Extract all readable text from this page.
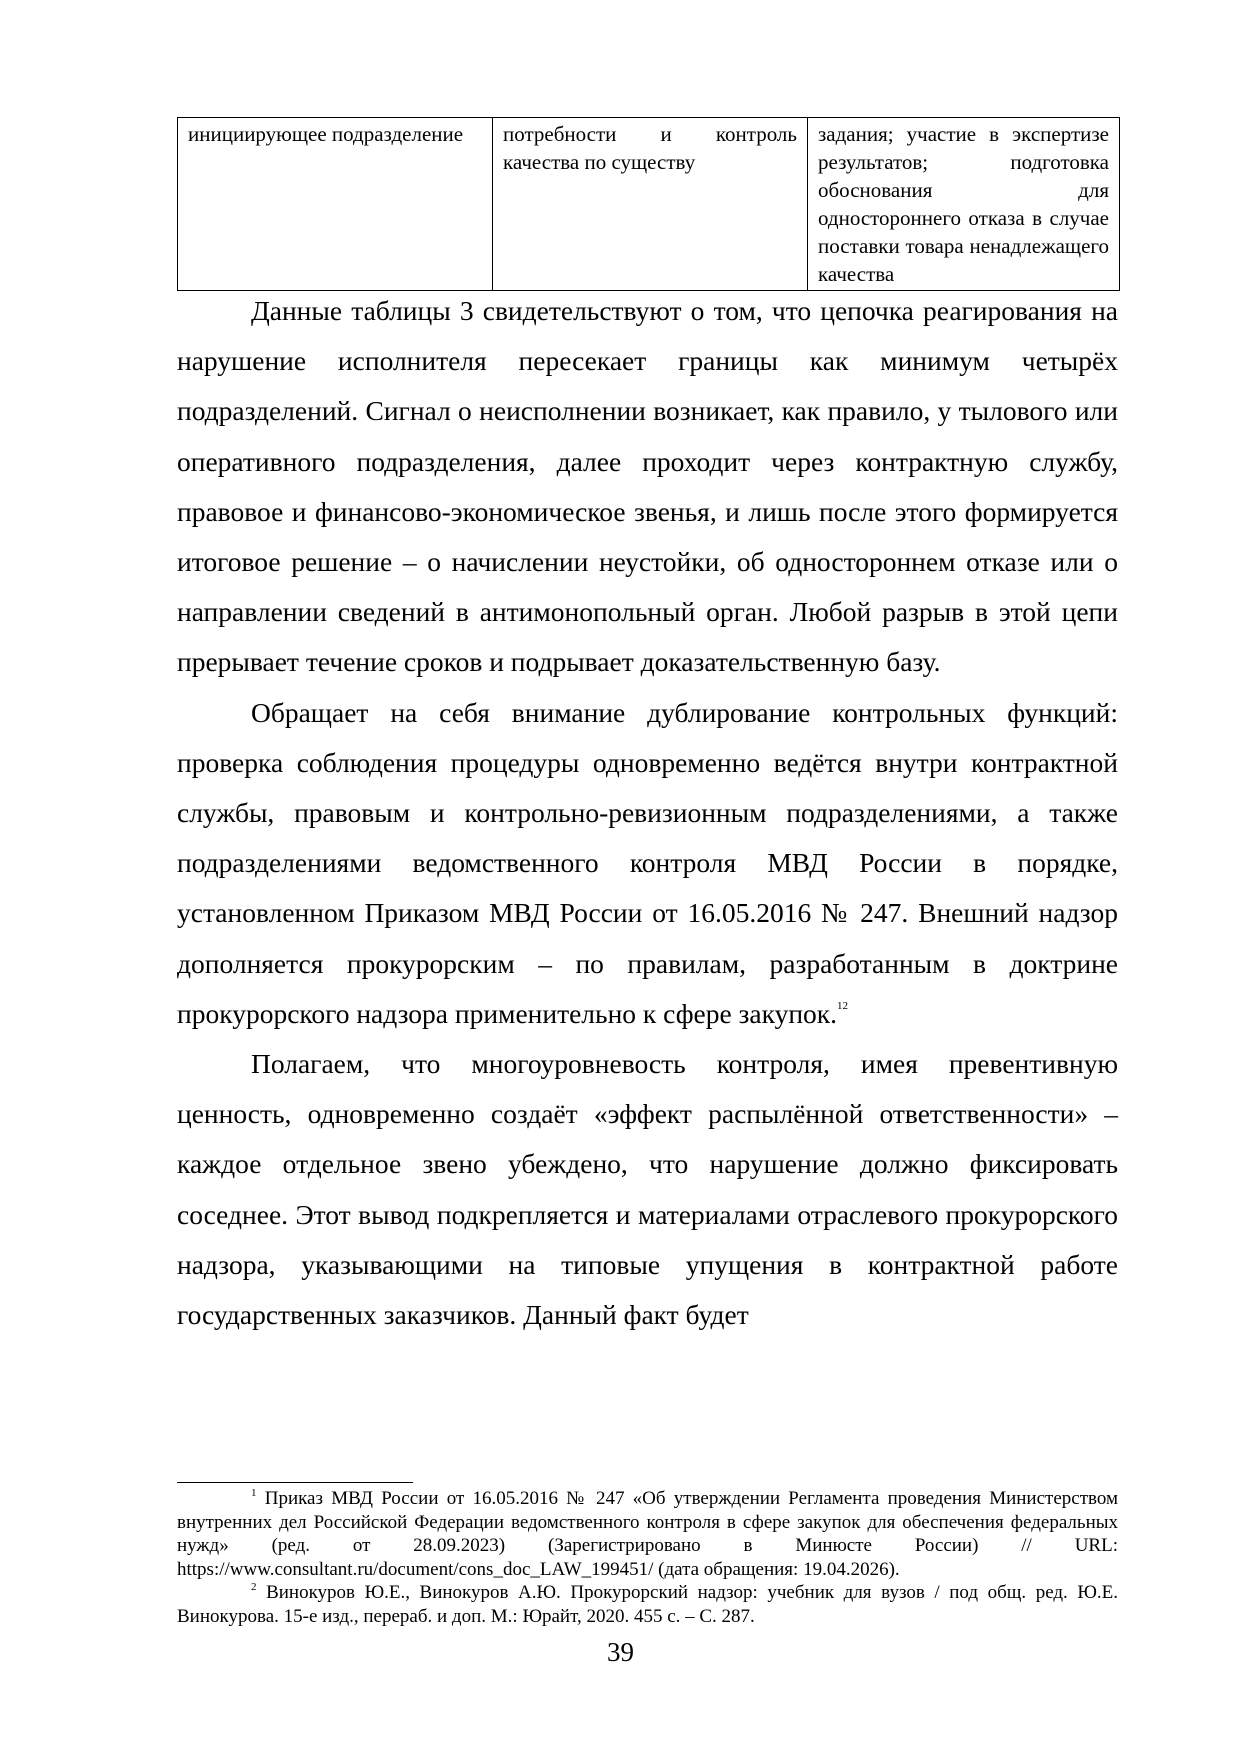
инициирующее подразделение	потребности и контроль качества по существу	задания; участие в экспертизе результатов; подготовка обоснования для одностороннего отказа в случае поставки товара ненадлежащего качества

Данные таблицы 3 свидетельствуют о том, что цепочка реагирования на нарушение исполнителя пересекает границы как минимум четырёх подразделений. Сигнал о неисполнении возникает, как правило, у тылового или оперативного подразделения, далее проходит через контрактную службу, правовое и финансово-экономическое звенья, и лишь после этого формируется итоговое решение – о начислении неустойки, об одностороннем отказе или о направлении сведений в антимонопольный орган. Любой разрыв в этой цепи прерывает течение сроков и подрывает доказательственную базу.

Обращает на себя внимание дублирование контрольных функций: проверка соблюдения процедуры одновременно ведётся внутри контрактной службы, правовым и контрольно-ревизионным подразделениями, а также подразделениями ведомственного контроля МВД России в порядке, установленном Приказом МВД России от 16.05.2016 № 247. Внешний надзор дополняется прокурорским – по правилам, разработанным в доктрине прокурорского надзора применительно к сфере закупок.$^{12}$

Полагаем, что многоуровневость контроля, имея превентивную ценность, одновременно создаёт «эффект распылённой ответственности» – каждое отдельное звено убеждено, что нарушение должно фиксировать соседнее. Этот вывод подкрепляется и материалами отраслевого прокурорского надзора, указывающими на типовые упущения в контрактной работе государственных заказчиков. Данный факт будет

$^1$ Приказ МВД России от 16.05.2016 № 247 «Об утверждении Регламента проведения Министерством внутренних дел Российской Федерации ведомственного контроля в сфере закупок для обеспечения федеральных нужд» (ред. от 28.09.2023) (Зарегистрировано в Минюсте России) // URL: https://www.consultant.ru/document/cons_doc_LAW_199451/ (дата обращения: 19.04.2026).

$^2$ Винокуров Ю.Е., Винокуров А.Ю. Прокурорский надзор: учебник для вузов / под общ. ред. Ю.Е. Винокурова. 15-е изд., перераб. и доп. М.: Юрайт, 2020. 455 с. – С. 287.

39
